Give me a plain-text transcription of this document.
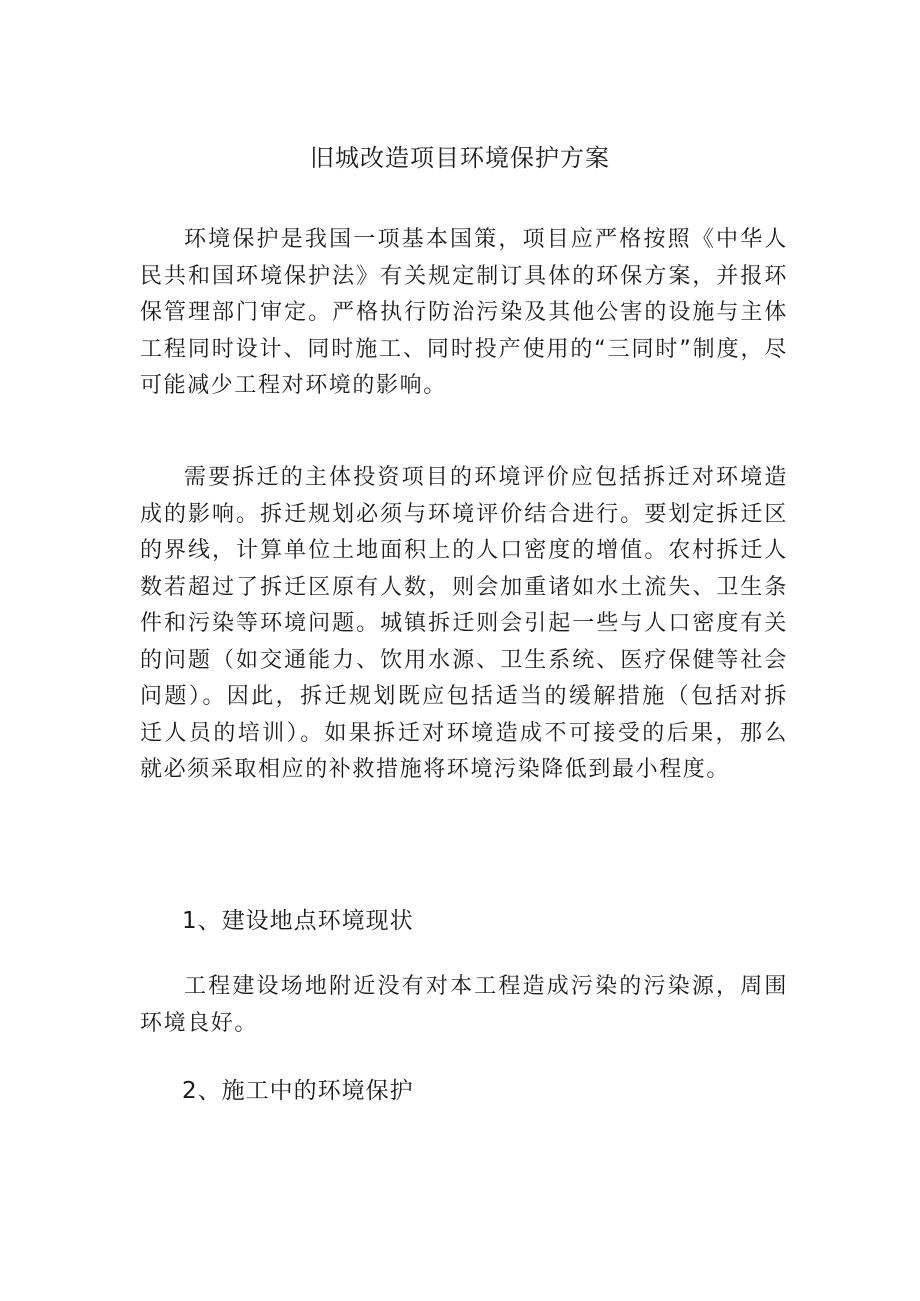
旧城改造项目环境保护方案

环境保护是我国一项基本国策，项目应严格按照《中华人民共和国环境保护法》有关规定制订具体的环保方案，并报环保管理部门审定。严格执行防治污染及其他公害的设施与主体工程同时设计、同时施工、同时投产使用的“三同时”制度，尽可能减少工程对环境的影响。

需要拆迁的主体投资项目的环境评价应包括拆迁对环境造成的影响。拆迁规划必须与环境评价结合进行。要划定拆迁区的界线，计算单位土地面积上的人口密度的增值。农村拆迁人数若超过了拆迁区原有人数，则会加重诸如水土流失、卫生条件和污染等环境问题。城镇拆迁则会引起一些与人口密度有关的问题（如交通能力、饮用水源、卫生系统、医疗保健等社会问题）。因此，拆迁规划既应包括适当的缓解措施（包括对拆迁人员的培训）。如果拆迁对环境造成不可接受的后果，那么就必须采取相应的补救措施将环境污染降低到最小程度。

1、建设地点环境现状

工程建设场地附近没有对本工程造成污染的污染源，周围环境良好。

2、施工中的环境保护
